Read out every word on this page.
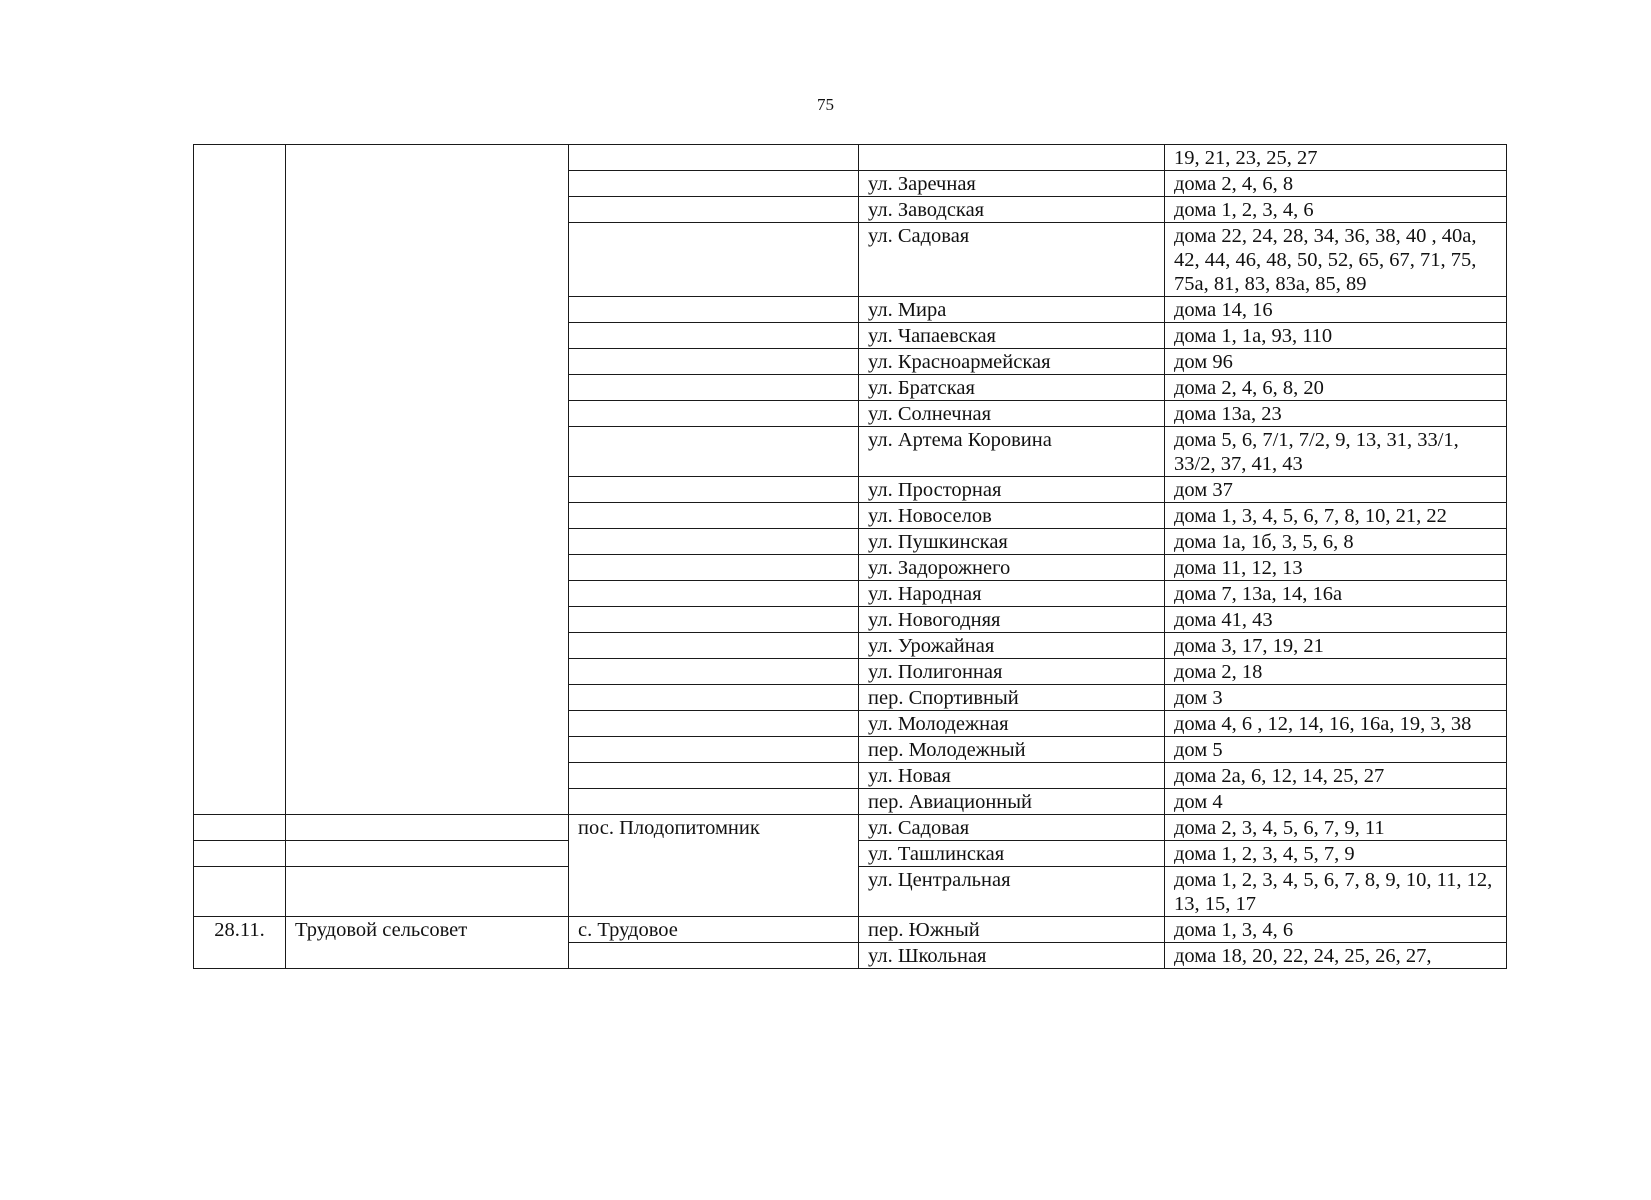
75
				19, 21, 23, 25, 27
			ул. Заречная	дома 2, 4, 6, 8
			ул. Заводская	дома 1, 2, 3, 4, 6
			ул. Садовая	дома 22, 24, 28, 34, 36, 38, 40 , 40а, 42, 44, 46, 48, 50, 52, 65, 67, 71, 75, 75а, 81, 83, 83а, 85, 89
			ул. Мира	дома 14, 16
			ул. Чапаевская	дома 1, 1а, 93, 110
			ул. Красноармейская	дом 96
			ул. Братская	дома 2, 4, 6, 8, 20
			ул. Солнечная	дома 13а, 23
			ул. Артема Коровина	дома 5, 6, 7/1, 7/2, 9, 13, 31, 33/1, 33/2, 37, 41, 43
			ул. Просторная	дом 37
			ул. Новоселов	дома 1, 3, 4, 5, 6, 7, 8, 10, 21, 22
			ул. Пушкинская	дома 1а, 1б, 3, 5, 6, 8
			ул. Задорожнего	дома 11, 12, 13
			ул. Народная	дома 7, 13а, 14, 16а
			ул. Новогодняя	дома 41, 43
			ул. Урожайная	дома 3, 17, 19, 21
			ул. Полигонная	дома 2, 18
			пер. Спортивный	дом 3
			ул. Молодежная	дома 4, 6 , 12, 14, 16, 16а, 19, 3, 38
			пер. Молодежный	дом 5
			ул. Новая	дома 2а, 6, 12, 14, 25, 27
			пер. Авиационный	дом 4
		пос. Плодопитомник	ул. Садовая	дома 2, 3, 4, 5, 6, 7, 9, 11
			ул. Ташлинская	дома 1, 2, 3, 4, 5, 7, 9
			ул. Центральная	дома 1, 2, 3, 4, 5, 6, 7, 8, 9, 10, 11, 12, 13, 15, 17
28.11.	Трудовой сельсовет	с. Трудовое	пер. Южный	дома 1, 3, 4, 6
			ул. Школьная	дома 18, 20, 22, 24, 25, 26, 27,
